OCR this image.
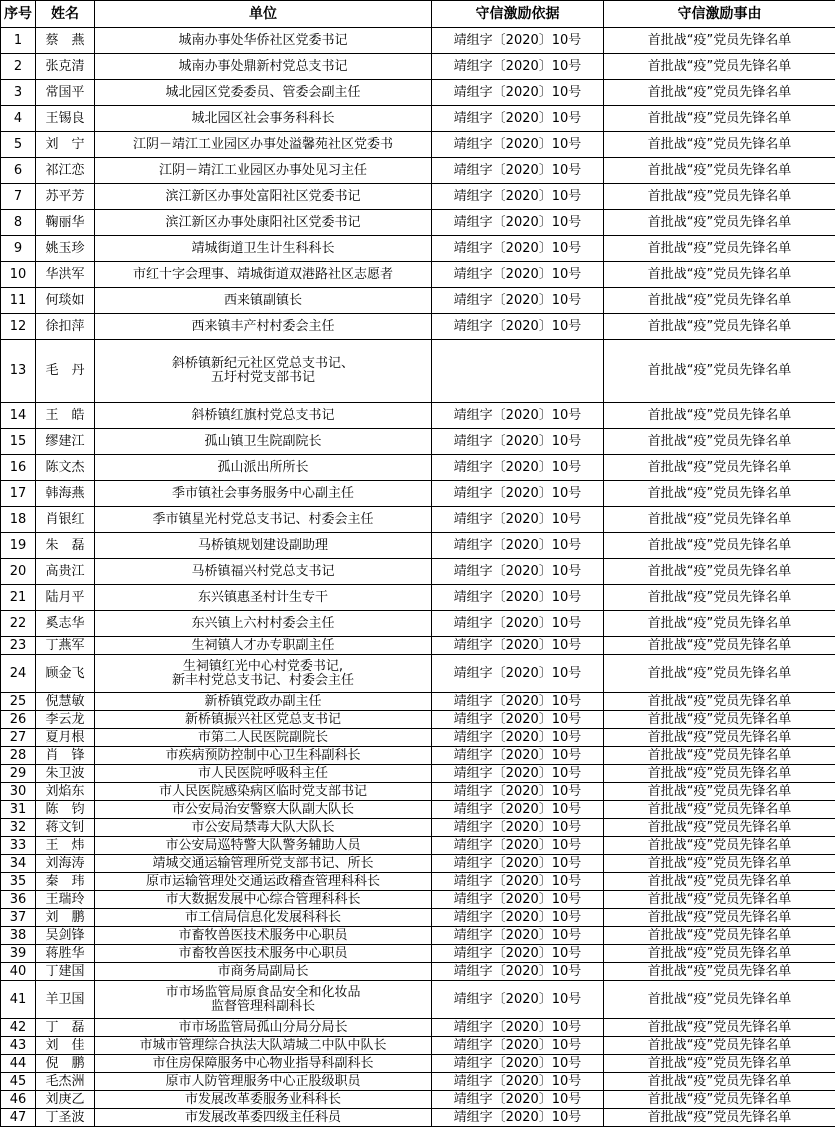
序号	姓名	单位	守信激励依据	守信激励事由
1	蔡　燕	城南办事处华侨社区党委书记	靖组字〔2020〕10号	首批战“疫”党员先锋名单
2	张克清	城南办事处鼎新村党总支书记	靖组字〔2020〕10号	首批战“疫”党员先锋名单
3	常国平	城北园区党委委员、管委会副主任	靖组字〔2020〕10号	首批战“疫”党员先锋名单
4	王锡良	城北园区社会事务科科长	靖组字〔2020〕10号	首批战“疫”党员先锋名单
5	刘　宁	江阴－靖江工业园区办事处溢馨苑社区党委书	靖组字〔2020〕10号	首批战“疫”党员先锋名单
6	祁江恋	江阴－靖江工业园区办事处见习主任	靖组字〔2020〕10号	首批战“疫”党员先锋名单
7	苏平芳	滨江新区办事处富阳社区党委书记	靖组字〔2020〕10号	首批战“疫”党员先锋名单
8	鞠丽华	滨江新区办事处康阳社区党委书记	靖组字〔2020〕10号	首批战“疫”党员先锋名单
9	姚玉珍	靖城街道卫生计生科科长	靖组字〔2020〕10号	首批战“疫”党员先锋名单
10	华洪军	市红十字会理事、靖城街道双港路社区志愿者	靖组字〔2020〕10号	首批战“疫”党员先锋名单
11	何琰如	西来镇副镇长	靖组字〔2020〕10号	首批战“疫”党员先锋名单
12	徐扣萍	西来镇丰产村村委会主任	靖组字〔2020〕10号	首批战“疫”党员先锋名单
13	毛　丹	斜桥镇新纪元社区党总支书记、
五圩村党支部书记		首批战“疫”党员先锋名单
14	王　皓	斜桥镇红旗村党总支书记	靖组字〔2020〕10号	首批战“疫”党员先锋名单
15	缪建江	孤山镇卫生院副院长	靖组字〔2020〕10号	首批战“疫”党员先锋名单
16	陈文杰	孤山派出所所长	靖组字〔2020〕10号	首批战“疫”党员先锋名单
17	韩海燕	季市镇社会事务服务中心副主任	靖组字〔2020〕10号	首批战“疫”党员先锋名单
18	肖银红	季市镇星光村党总支书记、村委会主任	靖组字〔2020〕10号	首批战“疫”党员先锋名单
19	朱　磊	马桥镇规划建设副助理	靖组字〔2020〕10号	首批战“疫”党员先锋名单
20	高贵江	马桥镇福兴村党总支书记	靖组字〔2020〕10号	首批战“疫”党员先锋名单
21	陆月平	东兴镇惠圣村计生专干	靖组字〔2020〕10号	首批战“疫”党员先锋名单
22	奚志华	东兴镇上六村村委会主任	靖组字〔2020〕10号	首批战“疫”党员先锋名单
23	丁燕军	生祠镇人才办专职副主任	靖组字〔2020〕10号	首批战“疫”党员先锋名单
24	顾金飞	生祠镇红光中心村党委书记,
新丰村党总支书记、村委会主任	靖组字〔2020〕10号	首批战“疫”党员先锋名单
25	倪慧敏	新桥镇党政办副主任	靖组字〔2020〕10号	首批战“疫”党员先锋名单
26	李云龙	新桥镇振兴社区党总支书记	靖组字〔2020〕10号	首批战“疫”党员先锋名单
27	夏月根	市第二人民医院副院长	靖组字〔2020〕10号	首批战“疫”党员先锋名单
28	肖　锋	市疾病预防控制中心卫生科副科长	靖组字〔2020〕10号	首批战“疫”党员先锋名单
29	朱卫波	市人民医院呼吸科主任	靖组字〔2020〕10号	首批战“疫”党员先锋名单
30	刘焰东	市人民医院感染病区临时党支部书记	靖组字〔2020〕10号	首批战“疫”党员先锋名单
31	陈　钧	市公安局治安警察大队副大队长	靖组字〔2020〕10号	首批战“疫”党员先锋名单
32	蒋文钊	市公安局禁毒大队大队长	靖组字〔2020〕10号	首批战“疫”党员先锋名单
33	王　炜	市公安局巡特警大队警务辅助人员	靖组字〔2020〕10号	首批战“疫”党员先锋名单
34	刘海涛	靖城交通运输管理所党支部书记、所长	靖组字〔2020〕10号	首批战“疫”党员先锋名单
35	秦　玮	原市运输管理处交通运政稽查管理科科长	靖组字〔2020〕10号	首批战“疫”党员先锋名单
36	王瑞玲	市大数据发展中心综合管理科科长	靖组字〔2020〕10号	首批战“疫”党员先锋名单
37	刘　鹏	市工信局信息化发展科科长	靖组字〔2020〕10号	首批战“疫”党员先锋名单
38	吴剑锋	市畜牧兽医技术服务中心职员	靖组字〔2020〕10号	首批战“疫”党员先锋名单
39	蒋胜华	市畜牧兽医技术服务中心职员	靖组字〔2020〕10号	首批战“疫”党员先锋名单
40	丁建国	市商务局副局长	靖组字〔2020〕10号	首批战“疫”党员先锋名单
41	羊卫国	市市场监管局原食品安全和化妆品
监督管理科副科长	靖组字〔2020〕10号	首批战“疫”党员先锋名单
42	丁　磊	市市场监管局孤山分局分局长	靖组字〔2020〕10号	首批战“疫”党员先锋名单
43	刘　佳	市城市管理综合执法大队靖城二中队中队长	靖组字〔2020〕10号	首批战“疫”党员先锋名单
44	倪　鹏	市住房保障服务中心物业指导科副科长	靖组字〔2020〕10号	首批战“疫”党员先锋名单
45	毛杰洲	原市人防管理服务中心正股级职员	靖组字〔2020〕10号	首批战“疫”党员先锋名单
46	刘庚乙	市发展改革委服务业科科长	靖组字〔2020〕10号	首批战“疫”党员先锋名单
47	丁圣波	市发展改革委四级主任科员	靖组字〔2020〕10号	首批战“疫”党员先锋名单
